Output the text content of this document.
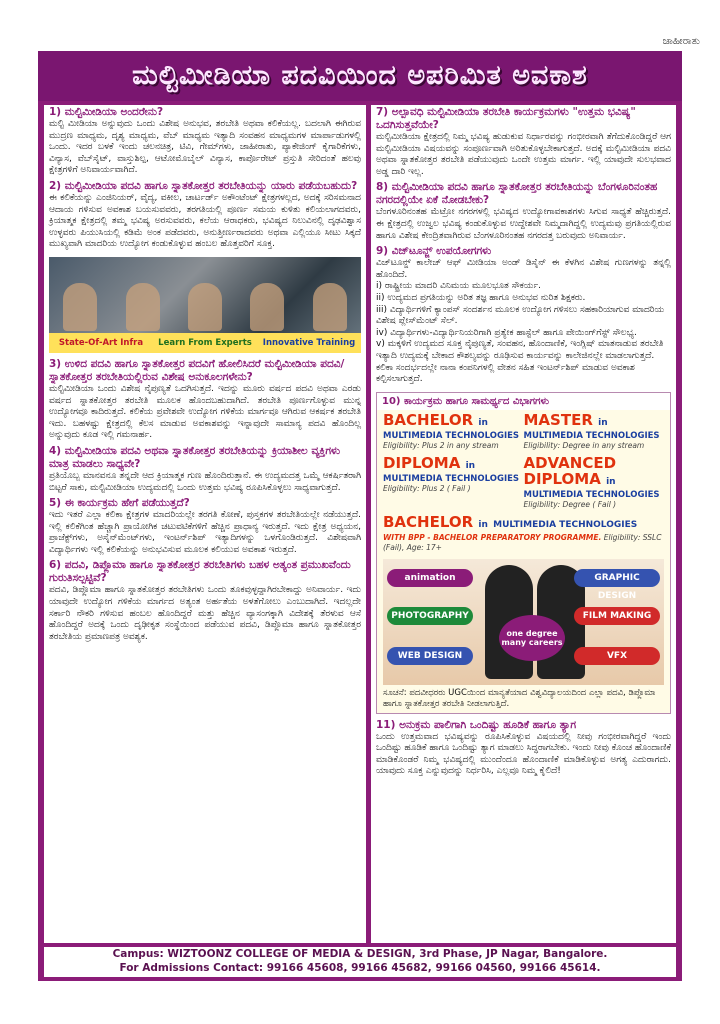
ಜಾಹೀರಾತು
ಮಲ್ಟಿಮೀಡಿಯಾ ಪದವಿಯಿಂದ ಅಪರಿಮಿತ ಅವಕಾಶ
1) ಮಲ್ಟಿಮೀಡಿಯಾ ಅಂದರೇನು?

ಮಲ್ಟಿ ಮೀಡಿಯಾ ಅನ್ನುವುದು ಒಂದು ವಿಶೇಷ ಅನುಭವ, ತರಬೇತಿ ಅಥವಾ ಕಲಿಕೆಯಲ್ಲ. ಬದಲಾಗಿ ಈಗಿರುವ ಮುದ್ರಣ ಮಾಧ್ಯಮ, ದೃಶ್ಯ ಮಾಧ್ಯಮ, ವೆಬ್ ಮಾಧ್ಯಮ ಇತ್ಯಾದಿ ಸಂವಹನ ಮಾಧ್ಯಮಗಳ ಮಾರ್ಪಾಡುಗಳಲ್ಲಿ ಒಂದು. ಇದರ ಬಳಕೆ ಇಂದು ಚಲನಚಿತ್ರ, ಟಿವಿ, ಗೇಮ್‌ಗಳು, ಜಾಹೀರಾತು, ಪ್ಯಾಕೇಜಿಂಗ್ ಕೈಗಾರಿಕೆಗಳು, ವಿನ್ಯಾಸ, ವೆಬ್‌ಸೈಟ್, ವಾಸ್ತುಶಿಲ್ಪ, ಆಟೋಮೊಬೈಲ್ ವಿನ್ಯಾಸ, ಕಾರ್ಪೊರೇಟ್ ಪ್ರಸ್ತುತಿ ಸೇರಿದಂತೆ ಹಲವು ಕ್ಷೇತ್ರಗಳಿಗೆ ಅನಿವಾರ್ಯವಾಗಿದೆ.

2) ಮಲ್ಟಿಮೀಡಿಯಾ ಪದವಿ ಹಾಗೂ ಸ್ನಾತಕೋತ್ತರ ತರಬೇತಿಯನ್ನು ಯಾರು ಪಡೆಯಬಹುದು?

ಈ ಕಲಿಕೆಯನ್ನು ಎಂಜಿನಿಯರ್, ವೈದ್ಯ, ವಕೀಲ, ಚಾರ್ಟರ್ಡ್ ಅಕೌಂಟೆಂಟ್ ಕ್ಷೇತ್ರಗಳಲ್ಲದ, ಅದಕ್ಕೆ ಸರಿಸಮನಾದ ಆದಾಯ ಗಳಿಸುವ ಅವಕಾಶ ಬಯಸುವವರು, ತರಗತಿಯಲ್ಲಿ ಪೂರ್ಣ ಸಮಯ ಕುಳಿತು ಕಲಿಯಲಾಗದವರು, ಕ್ರಿಯಾತ್ಮಕ ಕ್ಷೇತ್ರದಲ್ಲಿ ತಮ್ಮ ಭವಿಷ್ಯ ಅರಸುವವರು, ಕಲೆಯ ಆರಾಧಕರು, ಭವಿಷ್ಯದ ನಿಲುವಿನಲ್ಲಿ ದೃಢವಿಶ್ವಾಸ ಉಳ್ಳವರು ಪಿಯುಸಿಯಲ್ಲಿ ಕಡಿಮೆ ಅಂಕ ಪಡೆದವರು, ಅನುತ್ತೀರ್ಣರಾದವರು ಅಥವಾ ಎಲ್ಲಿಯೂ ಸೀಟು ಸಿಕ್ಕದೆ ಮುಖ್ಯವಾಗಿ ಮಾದರಿಯ ಉದ್ಯೋಗ ಕಂಡುಕೊಳ್ಳುವ ಹಂಬಲ ಹೊತ್ತವರಿಗೆ ಸೂಕ್ತ.

State-Of-Art Infra	Learn From Experts	Innovative Training
3) ಉಳಿದ ಪದವಿ ಹಾಗೂ ಸ್ನಾತಕೋತ್ತರ ಪದವಿಗೆ ಹೋಲಿಸಿದರೆ ಮಲ್ಟಿಮೀಡಿಯಾ ಪದವಿ/ಸ್ನಾತಕೋತ್ತರ ತರಬೇತಿಯಲ್ಲಿರುವ ವಿಶೇಷ ಅನುಕೂಲಗಳೇನು?

ಮಲ್ಟಿಮೀಡಿಯಾ ಒಂದು ವಿಶೇಷ ನೈಪುಣ್ಯತೆ ಒದಗಿಸುತ್ತದೆ. ಇದನ್ನು ಮೂರು ವರ್ಷದ ಪದವಿ ಅಥವಾ ಎರಡು ವರ್ಷದ ಸ್ನಾತಕೋತ್ತರ ತರಬೇತಿ ಮೂಲಕ ಹೊಂದಬಹುದಾಗಿದೆ. ತರಬೇತಿ ಪೂರ್ಣಗೊಳ್ಳುವ ಮುನ್ನ ಉದ್ಯೋಗವೂ ಕಾದಿರುತ್ತದೆ. ಕಲಿಕೆಯ ಪ್ರವೇಶವೇ ಉದ್ಯೋಗ ಗಳಿಕೆಯ ಮಾರ್ಗವೂ ಆಗಿರುವ ಆಕರ್ಷಕ ತರಬೇತಿ ಇದು. ಬಹಳಷ್ಟು ಕ್ಷೇತ್ರದಲ್ಲಿ ಕೆಲಸ ಮಾಡುವ ಅವಕಾಶವನ್ನು ಇನ್ನಾವುದೇ ಸಾಮಾನ್ಯ ಪದವಿ ಹೊಂದಿಲ್ಲ ಅನ್ನುವುದು ಕೂಡ ಇಲ್ಲಿ ಗಮನಾರ್ಹ.

4) ಮಲ್ಟಿಮೀಡಿಯಾ ಪದವಿ ಅಥವಾ ಸ್ನಾತಕೋತ್ತರ ತರಬೇತಿಯನ್ನು ಕ್ರಿಯಾಶೀಲ ವ್ಯಕ್ತಿಗಳು ಮಾತ್ರ ಮಾಡಲು ಸಾಧ್ಯವೇ?

ಪ್ರತಿಯೊಬ್ಬ ಮಾನವನೂ ತನ್ನದೇ ಆದ ಕ್ರಿಯಾತ್ಮಕ ಗುಣ ಹೊಂದಿರುತ್ತಾನೆ. ಈ ಉದ್ಯಮದತ್ತ ಒಮ್ಮೆ ಆಕರ್ಷಿತರಾಗಿ ಬಿಟ್ಟರೆ ಸಾಕು, ಮಲ್ಟಿಮೀಡಿಯಾ ಉದ್ಯಮದಲ್ಲಿ ಒಂದು ಉತ್ತಮ ಭವಿಷ್ಯ ರೂಪಿಸಿಕೊಳ್ಳಲು ಸಾಧ್ಯವಾಗುತ್ತದೆ.

5) ಈ ಕಾರ್ಯಕ್ರಮ ಹೇಗೆ ಪಡೆಯುತ್ತದೆ?

ಇದು ಇತರೆ ಎಲ್ಲಾ ಕಲಿಕಾ ಕ್ಷೇತ್ರಗಳ ಮಾದರಿಯಲ್ಲೇ ತರಗತಿ ಕೋಣೆ, ಪುಸ್ತಕಗಳ ತರಬೇತಿಯಲ್ಲೇ ನಡೆಯುತ್ತದೆ. ಇಲ್ಲಿ ಕಲಿಕೆಗಿಂತ ಹೆಚ್ಚಾಗಿ ಪ್ರಾಯೋಗಿಕ ಚಟುವಟಿಕೆಗಳಿಗೆ ಹೆಚ್ಚಿನ ಪ್ರಾಧಾನ್ಯ ಇರುತ್ತದೆ. ಇದು ಕ್ಷೇತ್ರ ಅಧ್ಯಯನ, ಪ್ರಾಜೆಕ್ಟ್‌ಗಳು, ಅಸೈನ್‌ಮೆಂಟ್‌ಗಳು, ಇಂಟರ್ನ್‌ಶಿಪ್ ಇತ್ಯಾದಿಗಳನ್ನು ಒಳಗೊಂಡಿರುತ್ತದೆ. ವಿಶೇಷವಾಗಿ ವಿದ್ಯಾರ್ಥಿಗಳು ಇಲ್ಲಿ ಕಲಿಕೆಯನ್ನು ಅನುಭವಿಸುವ ಮೂಲಕ ಕಲಿಯುವ ಅವಕಾಶ ಇರುತ್ತದೆ.

6) ಪದವಿ, ಡಿಪ್ಲೊಮಾ ಹಾಗೂ ಸ್ನಾತಕೋತ್ತರ ತರಬೇತಿಗಳು ಬಹಳ ಅತ್ಯಂತ ಪ್ರಮುಖವೆಂದು ಗುರುತಿಸಲ್ಪಟ್ಟಿವೆ?

ಪದವಿ, ಡಿಪ್ಲೊಮಾ ಹಾಗೂ ಸ್ನಾತಕೋತ್ತರ ತರಬೇತಿಗಳು ಒಂದು ತೂಕವುಳ್ಳದ್ದಾಗಿರಬೇಕಾದ್ದು ಅನಿವಾರ್ಯ. ಇದು ಯಾವುದೇ ಉದ್ಯೋಗ ಗಳಿಕೆಯ ಮಾರ್ಗದ ಅತ್ಯಂತ ಅರ್ಹತೆಯ ಅಳತೆಗೋಲು ಎಂಬುದಾಗಿದೆ. ಇದಲ್ಲದೇ ಸರ್ಕಾರಿ ನೌಕರಿ ಗಳಿಸುವ ಹಂಬಲ ಹೊಂದಿದ್ದರೆ ಮತ್ತು ಹೆಚ್ಚಿನ ವ್ಯಾಸಂಗಕ್ಕಾಗಿ ವಿದೇಶಕ್ಕೆ ತೆರಳುವ ಆಸೆ ಹೊಂದಿದ್ದರೆ ಅದಕ್ಕೆ ಒಂದು ದೃಢೀಕೃತ ಸಂಸ್ಥೆಯಿಂದ ಪಡೆಯುವ ಪದವಿ, ಡಿಪ್ಲೊಮಾ ಹಾಗೂ ಸ್ನಾತಕೋತ್ತರ ತರಬೇತಿಯ ಪ್ರಮಾಣಪತ್ರ ಅವಶ್ಯಕ.

7) ಅಲ್ಪಾವಧಿ ಮಲ್ಟಿಮೀಡಿಯಾ ತರಬೇತಿ ಕಾರ್ಯಕ್ರಮಗಳು "ಉತ್ತಮ ಭವಿಷ್ಯ" ಒದಗಿಸುತ್ತವೆಯೇ?

ಮಲ್ಟಿಮೀಡಿಯಾ ಕ್ಷೇತ್ರದಲ್ಲಿ ನಿಮ್ಮ ಭವಿಷ್ಯ ಹುಡುಕುವ ನಿರ್ಧಾರವನ್ನು ಗಂಭೀರವಾಗಿ ತೆಗೆದುಕೊಂಡಿದ್ದರೆ ಆಗ ಮಲ್ಟಿಮೀಡಿಯಾ ವಿಷಯವನ್ನು ಸಂಪೂರ್ಣವಾಗಿ ಅರಿತುಕೊಳ್ಳಬೇಕಾಗುತ್ತದೆ. ಅದಕ್ಕೆ ಮಲ್ಟಿಮೀಡಿಯಾ ಪದವಿ ಅಥವಾ ಸ್ನಾತಕೋತ್ತರ ತರಬೇತಿ ಪಡೆಯುವುದು ಒಂದೇ ಉತ್ತಮ ಮಾರ್ಗ. ಇಲ್ಲಿ ಯಾವುದೇ ಸುಲಭವಾದ ಅಡ್ಡ ದಾರಿ ಇಲ್ಲ.

8) ಮಲ್ಟಿಮೀಡಿಯಾ ಪದವಿ ಹಾಗೂ ಸ್ನಾತಕೋತ್ತರ ತರಬೇತಿಯನ್ನು ಬೆಂಗಳೂರಿನಂತಹ ನಗರದಲ್ಲಿಯೇ ಏಕೆ ನೋಡಬೇಕು?

ಬೆಂಗಳೂರಿನಂತಹ ಮೆಟ್ರೋ ನಗರಗಳಲ್ಲಿ ಭವಿಷ್ಯದ ಉದ್ಯೋಗಾವಕಾಶಗಳು ಸಿಗುವ ಸಾಧ್ಯತೆ ಹೆಚ್ಚಿರುತ್ತದೆ. ಈ ಕ್ಷೇತ್ರದಲ್ಲಿ ಉಜ್ವಲ ಭವಿಷ್ಯ ಕಂಡುಕೊಳ್ಳುವ ಉದ್ದೇಶವೇ ನಿಮ್ಮದಾಗಿದ್ದಲ್ಲಿ ಉದ್ಯಮವು ಪ್ರಗತಿಯಲ್ಲಿರುವ ಹಾಗೂ ವಿಶೇಷ ಕೇಂದ್ರಿತವಾಗಿರುವ ಬೆಂಗಳೂರಿನಂತಹ ನಗರದತ್ತ ಬರುವುದು ಅನಿವಾರ್ಯ.

9) ವಿಜ್‌ಟೂನ್ಜ್ ಉಪಯೋಗಗಳು

ವಿಜ್‌ಟೂನ್ಜ್ ಕಾಲೇಜ್ ಆಫ್ ಮೀಡಿಯಾ ಅಂಡ್ ಡಿಸೈನ್ ಈ ಕೆಳಗಿನ ವಿಶೇಷ ಗುಣಗಳನ್ನು ತನ್ನಲ್ಲಿ ಹೊಂದಿದೆ.

i) ರಾಷ್ಟ್ರೀಯ ಮಾದರಿ ವಿನಿಮಯ ಮೂಲಭೂತ ಸೌಕರ್ಯ.
ii) ಉದ್ಯಮದ ಪ್ರಗತಿಯನ್ನು ಅರಿತ ತಜ್ಞ ಹಾಗೂ ಅನುಭವ ನುರಿತ ಶಿಕ್ಷಕರು.
iii) ವಿದ್ಯಾರ್ಥಿಗಳಿಗೆ ಕ್ಯಾಂಪಸ್ ಸಂದರ್ಶನ ಮೂಲಕ ಉದ್ಯೋಗ ಗಳಿಸಲು ಸಹಕಾರಿಯಾಗುವ ಮಾದರಿಯ ವಿಶೇಷ ಪ್ಲೇಸ್‌ಮೆಂಟ್ ಸೆಲ್.
iv) ವಿದ್ಯಾರ್ಥಿಗಳು-ವಿದ್ಯಾರ್ಥಿನಿಯರಿಗಾಗಿ ಪ್ರತ್ಯೇಕ ಹಾಸ್ಟೆಲ್ ಹಾಗೂ ಪೇಯಿಂಗ್‌ಗೆಸ್ಟ್ ಸೌಲಭ್ಯ.
v) ಮಕ್ಕಳಿಗೆ ಉದ್ಯಮದ ಸೂಕ್ತ ನೈಪುಣ್ಯತೆ, ಸಂವಹನ, ಹೊಂದಾಣಿಕೆ, ಇಂಗ್ಲಿಷ್ ಮಾತನಾಡುವ ತರಬೇತಿ ಇತ್ಯಾದಿ ಉದ್ಯಮಕ್ಕೆ ಬೇಕಾದ ಕೌಶಲ್ಯವನ್ನು ರೂಢಿಸುವ ಕಾರ್ಯವನ್ನು ಕಾಲೇಜಿನಲ್ಲೇ ಮಾಡಲಾಗುತ್ತದೆ. ಕಲಿಕಾ ಸಂದರ್ಭದಲ್ಲೇ ನಾನಾ ಕಂಪನಿಗಳಲ್ಲಿ ವೇತನ ಸಹಿತ ಇಂಟರ್ನ್‌ಶಿಪ್ ಮಾಡುವ ಅವಕಾಶ ಕಲ್ಪಿಸಲಾಗುತ್ತದೆ.
10) ಕಾರ್ಯಕ್ರಮ ಹಾಗೂ ಸಾಮರ್ಥ್ಯದ ವಿಭಾಗಗಳು
BACHELOR in
MULTIMEDIA TECHNOLOGIES
Eligibility: Plus 2 in any stream
MASTER in
MULTIMEDIA TECHNOLOGIES
Eligibility: Degree in any stream
DIPLOMA in
MULTIMEDIA TECHNOLOGIES
Eligibility: Plus 2 ( Fail )
ADVANCED DIPLOMA in
MULTIMEDIA TECHNOLOGIES
Eligibility: Degree ( Fail )
BACHELOR in MULTIMEDIA TECHNOLOGIES
WITH BPP - BACHELOR PREPARATORY PROGRAMME. Eligibility: SSLC (Fail), Age: 17+
one degree many careers
animation	GRAPHIC DESIGN
PHOTOGRAPHY	FILM MAKING
WEB DESIGN	VFX
ಸೂಚನೆ: ಪದವೀಧರರು UGCಯಿಂದ ಮಾನ್ಯತೆಯಾದ ವಿಶ್ವವಿದ್ಯಾಲಯದಿಂದ ಎಲ್ಲಾ ಪದವಿ, ಡಿಪ್ಲೊಮಾ ಹಾಗೂ ಸ್ನಾತಕೋತ್ತರ ತರಬೇತಿ ನೀಡಲಾಗುತ್ತಿದೆ.
11) ಅನುಕ್ರಮ ಪಾಲಿಗಾಗಿ ಒಂದಿಷ್ಟು ಹೂಡಿಕೆ ಹಾಗೂ ತ್ಯಾಗ

ಒಂದು ಉತ್ತಮವಾದ ಭವಿಷ್ಯವನ್ನು ರೂಪಿಸಿಕೊಳ್ಳುವ ವಿಷಯದಲ್ಲಿ ನೀವು ಗಂಭೀರವಾಗಿದ್ದರೆ ಇಂದು ಒಂದಿಷ್ಟು ಹೂಡಿಕೆ ಹಾಗೂ ಒಂದಿಷ್ಟು ತ್ಯಾಗ ಮಾಡಲು ಸಿದ್ಧರಾಗಬೇಕು. ಇಂದು ನೀವು ಕೊಂಚ ಹೊಂದಾಣಿಕೆ ಮಾಡಿಕೊಂಡರೆ ನಿಮ್ಮ ಭವಿಷ್ಯದಲ್ಲಿ ಮುಂದೆಂದೂ ಹೊಂದಾಣಿಕೆ ಮಾಡಿಕೊಳ್ಳುವ ಅಗತ್ಯ ಎದುರಾಗದು. ಯಾವುದು ಸೂಕ್ತ ಎನ್ನುವುದನ್ನು ನಿರ್ಧರಿಸಿ, ಎಲ್ಲವೂ ನಿಮ್ಮ ಕೈಲಿದೆ!

Campus: WIZTOONZ COLLEGE OF MEDIA & DESIGN, 3rd Phase, JP Nagar, Bangalore.
For Admissions Contact: 99166 45608, 99166 45682, 99166 04560, 99166 45614.
